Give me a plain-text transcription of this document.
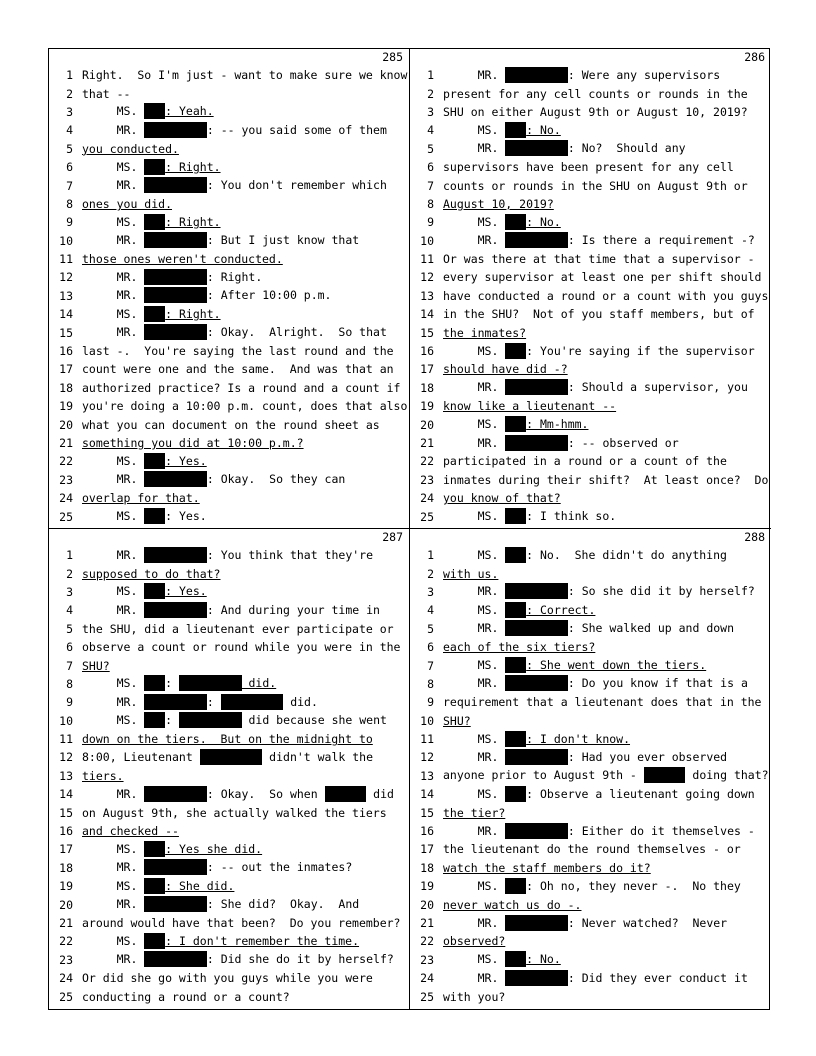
285
1 Right.  So I'm just - want to make sure we know
2 that --
3 MS. : Yeah.
4 MR.	: -- you said some of them
5 you conducted.
6 MS. : Right.
7 MR.	: You don't remember which
8 ones you did.
9 MS. : Right.
10 MR.	: But I just know that
11 those ones weren't conducted.
12 MR.	: Right.
13 MR.	: After 10:00 p.m.
14 MS. : Right.
15 MR.	: Okay.  Alright.  So that
16 last -.  You're saying the last round and the
17 count were one and the same.  And was that an
18 authorized practice? Is a round and a count if
19 you're doing a 10:00 p.m. count, does that also
20 what you can document on the round sheet as
21 something you did at 10:00 p.m.?
22 MS. : Yes.
23 MR.	: Okay.  So they can
24 overlap for that.
25 MS. : Yes.
286
1 MR.	: Were any supervisors
2 present for any cell counts or rounds in the
3 SHU on either August 9th or August 10, 2019?
4 MS. : No.
5 MR.	: No?  Should any
6 supervisors have been present for any cell
7 counts or rounds in the SHU on August 9th or
8 August 10, 2019?
9 MS. : No.
10 MR.	: Is there a requirement -?
11 Or was there at that time that a supervisor -
12 every supervisor at least one per shift should
13 have conducted a round or a count with you guys
14 in the SHU?  Not of you staff members, but of
15 the inmates?
16 MS. : You're saying if the supervisor
17 should have did -?
18 MR.	: Should a supervisor, you
19 know like a lieutenant --
20 MS. : Mm-hmm.
21 MR.	: -- observed or
22 participated in a round or a count of the
23 inmates during their shift?  At least once?  Do
24 you know of that?
25 MS. : I think so.
287
1 MR.	: You think that they're
2 supposed to do that?
3 MS. : Yes.
4 MR.	: And during your time in
5 the SHU, did a lieutenant ever participate or
6 observe a count or round while you were in the
7 SHU?
8 MS. :	did.
9 MR.	:	did.
10 MS. :	did because she went
11 down on the tiers.  But on the midnight to
12 8:00, Lieutenant	didn't walk the
13 tiers.
14 MR.	: Okay.  So when	did
15 on August 9th, she actually walked the tiers
16 and checked --
17 MS. : Yes she did.
18 MR.	: -- out the inmates?
19 MS. : She did.
20 MR.	: She did?  Okay.  And
21 around would have that been?  Do you remember?
22 MS. : I don't remember the time.
23 MR.	: Did she do it by herself?
24 Or did she go with you guys while you were
25 conducting a round or a count?
288
1 MS. : No.  She didn't do anything
2 with us.
3 MR.	: So she did it by herself?
4 MS. : Correct.
5 MR.	: She walked up and down
6 each of the six tiers?
7 MS. : She went down the tiers.
8 MR.	: Do you know if that is a
9 requirement that a lieutenant does that in the
10 SHU?
11 MS. : I don't know.
12 MR.	: Had you ever observed
13 anyone prior to August 9th -	doing that?
14 MS. : Observe a lieutenant going down
15 the tier?
16 MR.	: Either do it themselves -
17 the lieutenant do the round themselves - or
18 watch the staff members do it?
19 MS. : Oh no, they never -.  No they
20 never watch us do -.
21 MR.	: Never watched?  Never
22 observed?
23 MS. : No.
24 MR.	: Did they ever conduct it
25 with you?
